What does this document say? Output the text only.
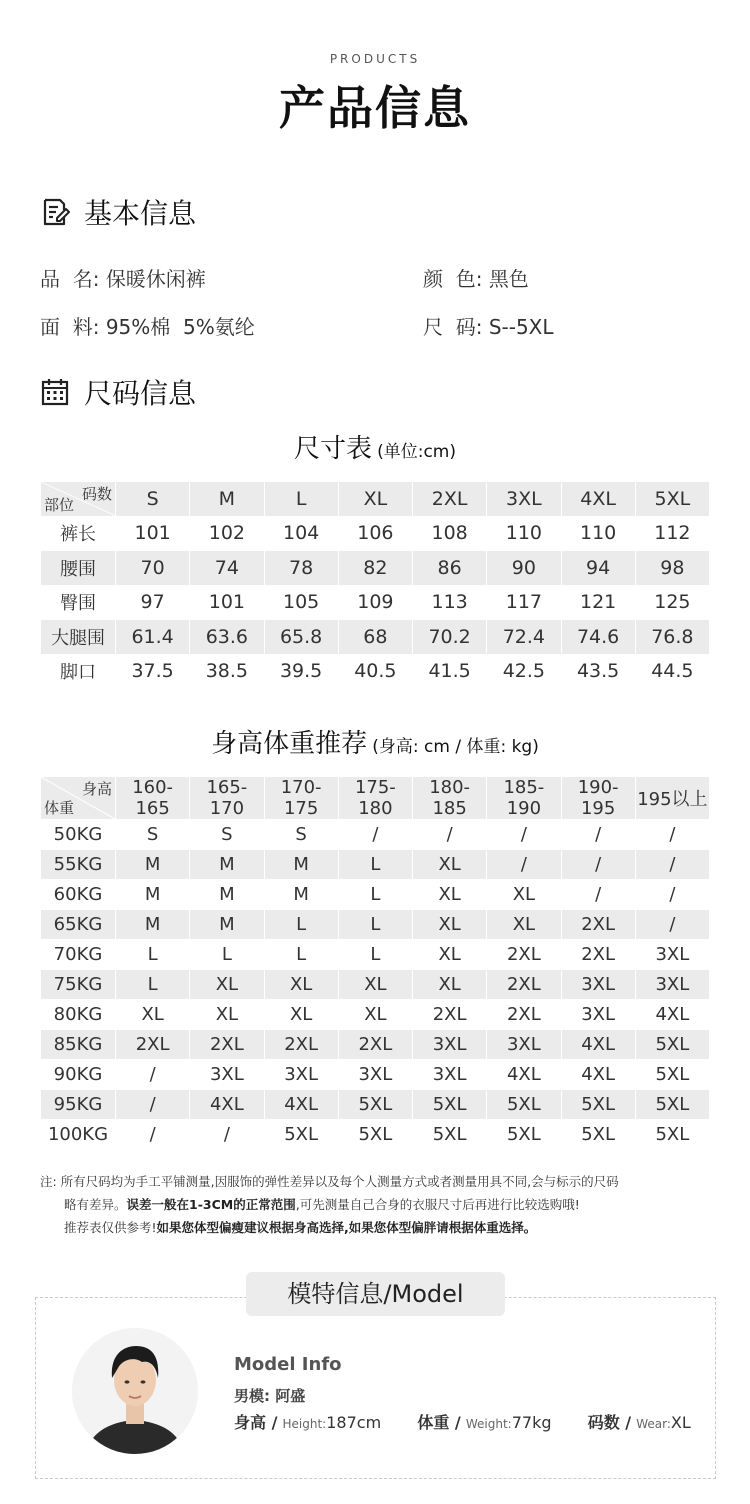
PRODUCTS
产品信息
基本信息
品  名: 保暖休闲裤	颜  色: 黑色
面  料: 95%棉  5%氨纶	尺  码: S--5XL
尺码信息
尺寸表 (单位:cm)
码数
部位	S	M	L	XL	2XL	3XL	4XL	5XL
裤长	101	102	104	106	108	110	110	112
腰围	70	74	78	82	86	90	94	98
臀围	97	101	105	109	113	117	121	125
大腿围	61.4	63.6	65.8	68	70.2	72.4	74.6	76.8
脚口	37.5	38.5	39.5	40.5	41.5	42.5	43.5	44.5
身高体重推荐 (身高: cm / 体重: kg)
身高
体重	160-165	165-170	170-175	175-180	180-185	185-190	190-195	195以上
50KG	S	S	S	/	/	/	/	/
55KG	M	M	M	L	XL	/	/	/
60KG	M	M	M	L	XL	XL	/	/
65KG	M	M	L	L	XL	XL	2XL	/
70KG	L	L	L	L	XL	2XL	2XL	3XL
75KG	L	XL	XL	XL	XL	2XL	3XL	3XL
80KG	XL	XL	XL	XL	2XL	2XL	3XL	4XL
85KG	2XL	2XL	2XL	2XL	3XL	3XL	4XL	5XL
90KG	/	3XL	3XL	3XL	3XL	4XL	4XL	5XL
95KG	/	4XL	4XL	5XL	5XL	5XL	5XL	5XL
100KG	/	/	5XL	5XL	5XL	5XL	5XL	5XL
注: 所有尺码均为手工平铺测量,因服饰的弹性差异以及每个人测量方式或者测量用具不同,会与标示的尺码
略有差异。误差一般在1-3CM的正常范围,可先测量自己合身的衣服尺寸后再进行比较选购哦!
推荐表仅供参考!如果您体型偏瘦建议根据身高选择,如果您体型偏胖请根据体重选择。
模特信息/Model
Model Info
男模: 阿盛
身高 / Height:187cm 体重 / Weight:77kg 码数 / Wear:XL
